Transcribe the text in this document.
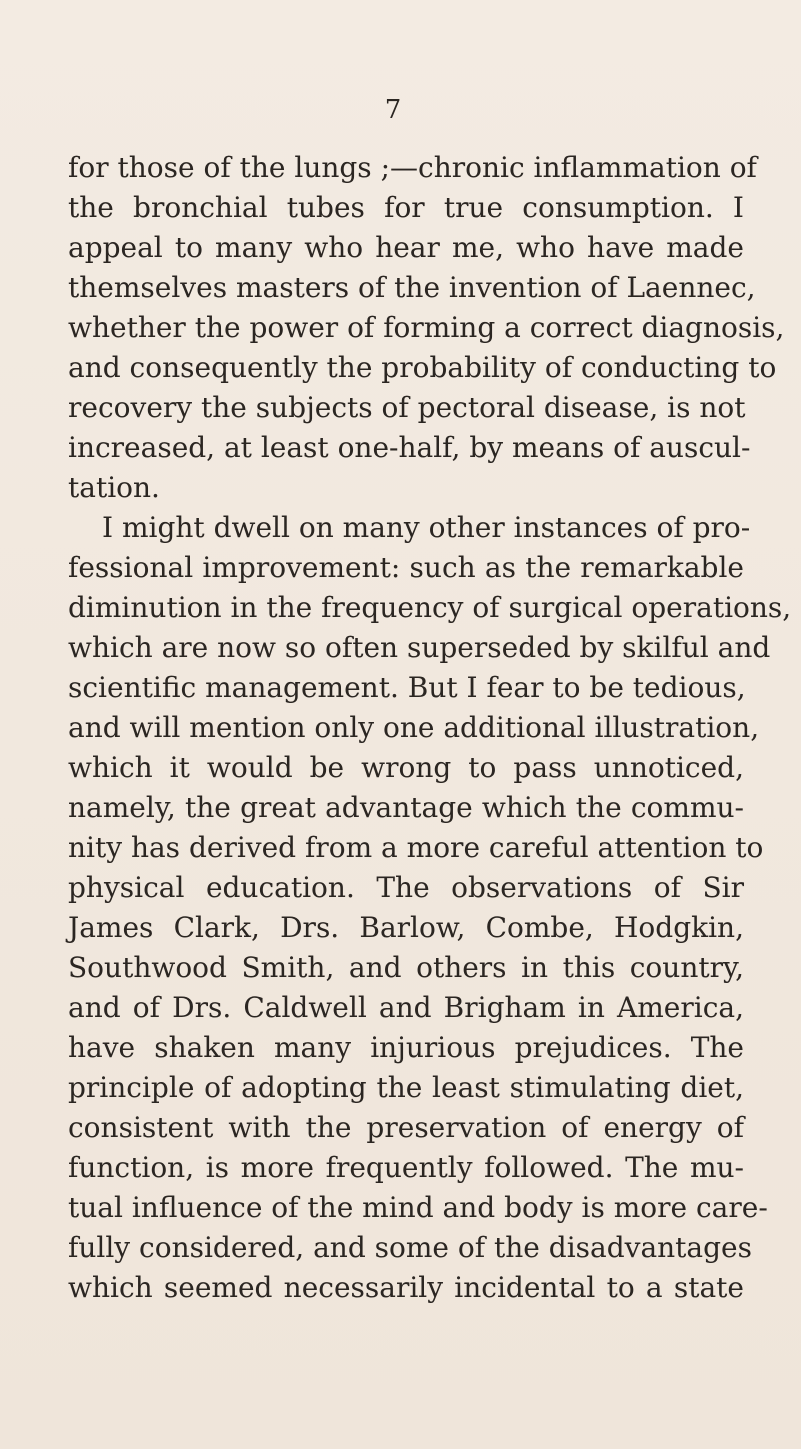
7
for those of the lungs ;—chronic inflammation of
the bronchial tubes for true consumption. I
appeal to many who hear me, who have made
themselves masters of the invention of Laennec,
whether the power of forming a correct diagnosis,
and consequently the probability of conducting to
recovery the subjects of pectoral disease, is not
increased, at least one-half, by means of auscul-
tation.
I might dwell on many other instances of pro-
fessional improvement: such as the remarkable
diminution in the frequency of surgical operations,
which are now so often superseded by skilful and
scientific management. But I fear to be tedious,
and will mention only one additional illustration,
which it would be wrong to pass unnoticed,
namely, the great advantage which the commu-
nity has derived from a more careful attention to
physical education. The observations of Sir
James Clark, Drs. Barlow, Combe, Hodgkin,
Southwood Smith, and others in this country,
and of Drs. Caldwell and Brigham in America,
have shaken many injurious prejudices. The
principle of adopting the least stimulating diet,
consistent with the preservation of energy of
function, is more frequently followed. The mu-
tual influence of the mind and body is more care-
fully considered, and some of the disadvantages
which seemed necessarily incidental to a state
